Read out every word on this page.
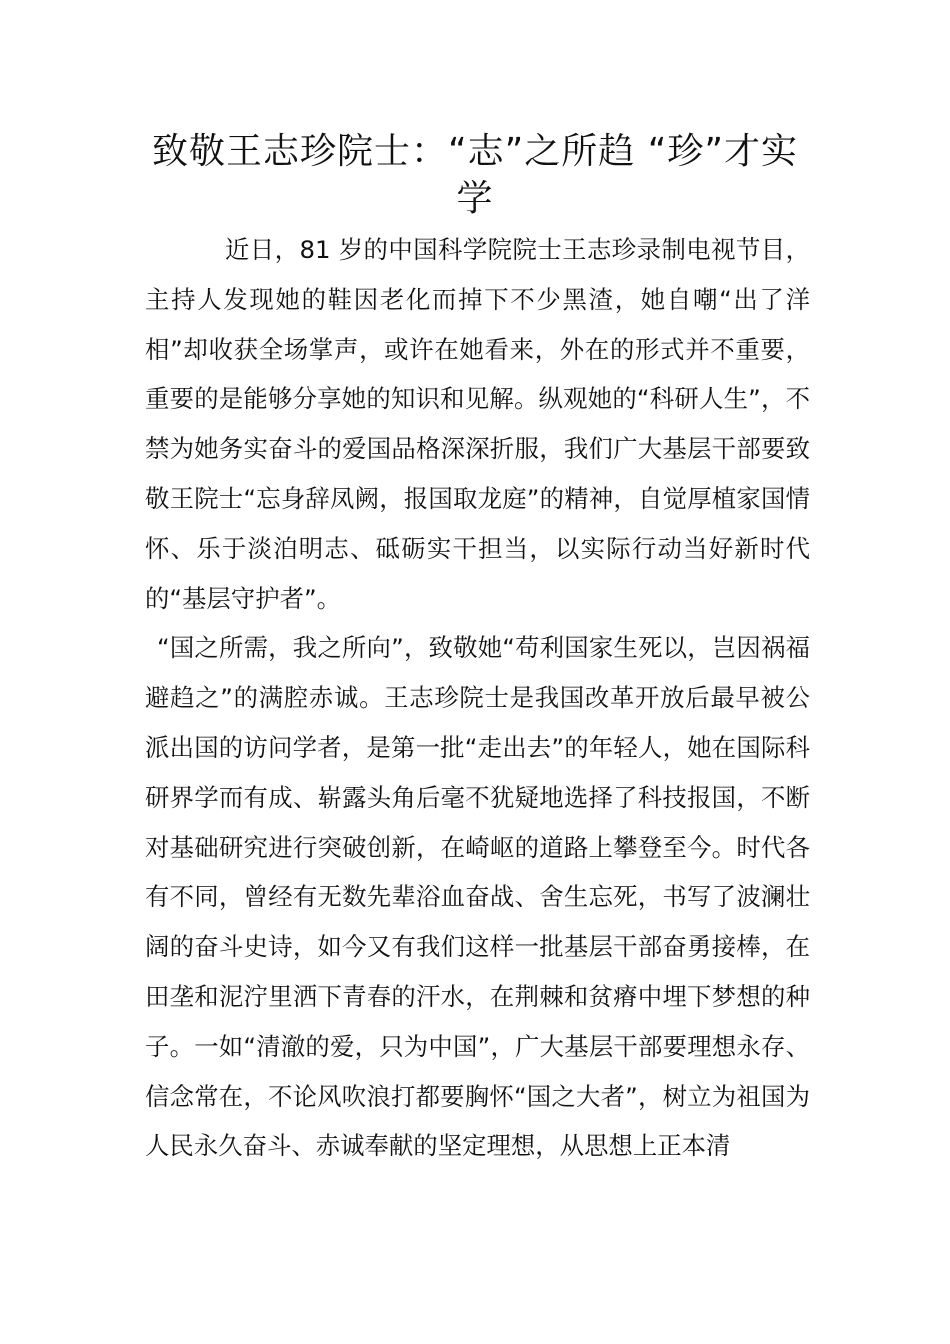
致敬王志珍院士：“志”之所趋 “珍”才实学

近日，81 岁的中国科学院院士王志珍录制电视节目，主持人发现她的鞋因老化而掉下不少黑渣，她自嘲“出了洋相”却收获全场掌声，或许在她看来，外在的形式并不重要，重要的是能够分享她的知识和见解。纵观她的“科研人生”，不禁为她务实奋斗的爱国品格深深折服，我们广大基层干部要致敬王院士“忘身辞凤阙，报国取龙庭”的精神，自觉厚植家国情怀、乐于淡泊明志、砥砺实干担当，以实际行动当好新时代的“基层守护者”。

“国之所需，我之所向”，致敬她“苟利国家生死以，岂因祸福避趋之”的满腔赤诚。王志珍院士是我国改革开放后最早被公派出国的访问学者，是第一批“走出去”的年轻人，她在国际科研界学而有成、崭露头角后毫不犹疑地选择了科技报国，不断对基础研究进行突破创新，在崎岖的道路上攀登至今。时代各有不同，曾经有无数先辈浴血奋战、舍生忘死，书写了波澜壮阔的奋斗史诗，如今又有我们这样一批基层干部奋勇接棒，在田垄和泥泞里洒下青春的汗水，在荆棘和贫瘠中埋下梦想的种子。一如“清澈的爱，只为中国”，广大基层干部要理想永存、信念常在，不论风吹浪打都要胸怀“国之大者”，树立为祖国为人民永久奋斗、赤诚奉献的坚定理想，从思想上正本清
